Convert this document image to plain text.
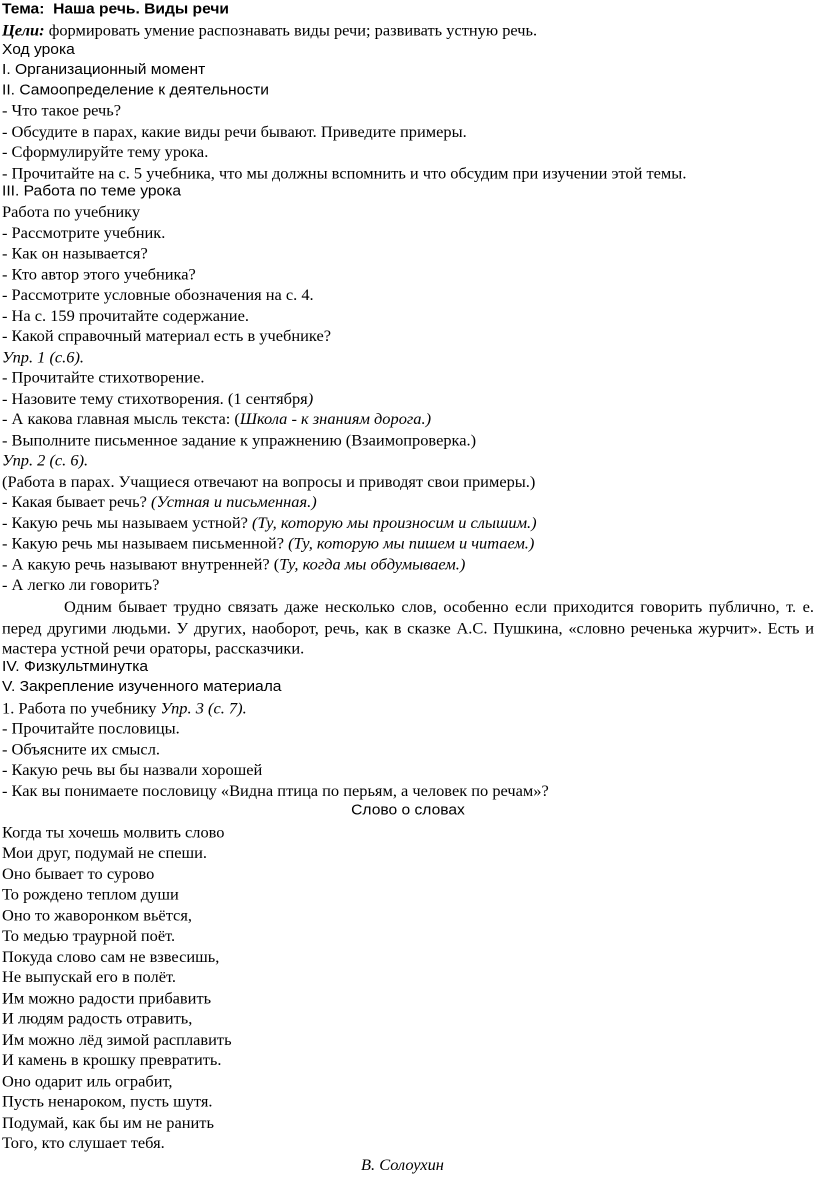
Тема: Наша речь. Виды речи
Цели: формировать умение распознавать виды речи; развивать устную речь.
Ход урока
I. Организационный момент
II. Самоопределение к деятельности
- Что такое речь?
- Обсудите в парах, какие виды речи бывают. Приведите примеры.
- Сформулируйте тему урока.
- Прочитайте на с. 5 учебника, что мы должны вспомнить и что обсудим при изучении этой темы.
III. Работа по теме урока
Работа по учебнику
- Рассмотрите учебник.
- Как он называется?
- Кто автор этого учебника?
- Рассмотрите условные обозначения на с. 4.
- На с. 159 прочитайте содержание.
- Какой справочный материал есть в учебнике?
Упр. 1 (с.6).
- Прочитайте стихотворение.
- Назовите тему стихотворения. (1 сентября)
- А какова главная мысль текста: (Школа - к знаниям дорога.)
- Выполните письменное задание к упражнению (Взаимопроверка.)
Упр. 2 (с. 6).
(Работа в парах. Учащиеся отвечают на вопросы и приводят свои примеры.)
- Какая бывает речь? (Устная и письменная.)
- Какую речь мы называем устной? (Ту, которую мы произносим и слышим.)
- Какую речь мы называем письменной? (Ту, которую мы пишем и читаем.)
- А какую речь называют внутренней? (Ту, когда мы обдумываем.)
- А легко ли говорить?
Одним бывает трудно связать даже несколько слов, особенно если приходится говорить публично, т. е. перед другими людьми. У других, наоборот, речь, как в сказке А.С. Пушкина, «словно реченька журчит». Есть и мастера устной речи ораторы, рассказчики.
IV. Физкультминутка
V. Закрепление изученного материала
1. Работа по учебнику Упр. 3 (с. 7).
- Прочитайте пословицы.
- Объясните их смысл.
- Какую речь вы бы назвали хорошей
- Как вы понимаете пословицу «Видна птица по перьям, а человек по речам»?
Слово о словах
Когда ты хочешь молвить слово
Мои друг, подумай не спеши.
Оно бывает то сурово
То рождено теплом души
Оно то жаворонком вьётся,
То медью траурной поёт.
Покуда слово сам не взвесишь,
Не выпускай его в полёт.
Им можно радости прибавить
И людям радость отравить,
Им можно лёд зимой расплавить
И камень в крошку превратить.
Оно одарит иль ограбит,
Пусть ненароком, пусть шутя.
Подумай, как бы им не ранить
Того, кто слушает тебя.
В. Солоухин
